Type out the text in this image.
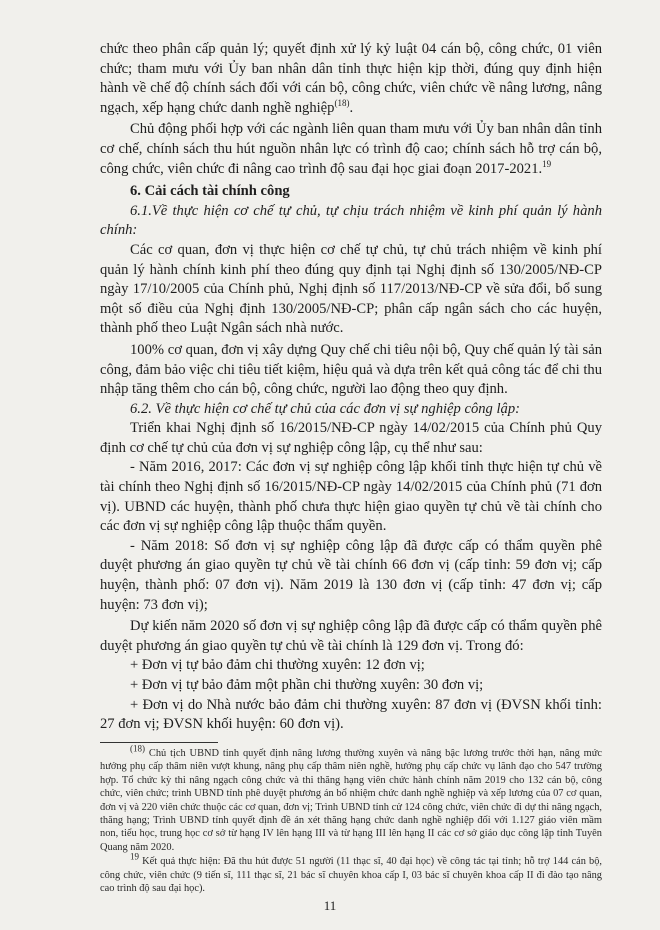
chức theo phân cấp quản lý; quyết định xử lý kỷ luật 04 cán bộ, công chức, 01 viên chức; tham mưu với Ủy ban nhân dân tỉnh thực hiện kịp thời, đúng quy định hiện hành về chế độ chính sách đối với cán bộ, công chức, viên chức về nâng lương, nâng ngạch, xếp hạng chức danh nghề nghiệp$^{(18)}$.

Chủ động phối hợp với các ngành liên quan tham mưu với Ủy ban nhân dân tỉnh cơ chế, chính sách thu hút nguồn nhân lực có trình độ cao; chính sách hỗ trợ cán bộ, công chức, viên chức đi nâng cao trình độ sau đại học giai đoạn 2017-2021.19

6. Cải cách tài chính công

6.1.Về thực hiện cơ chế tự chủ, tự chịu trách nhiệm về kinh phí quản lý hành chính:

Các cơ quan, đơn vị thực hiện cơ chế tự chủ, tự chủ trách nhiệm về kinh phí quản lý hành chính kinh phí theo đúng quy định tại Nghị định số 130/2005/NĐ-CP ngày 17/10/2005 của Chính phủ, Nghị định số 117/2013/NĐ-CP về sửa đổi, bổ sung một số điều của Nghị định 130/2005/NĐ-CP; phân cấp ngân sách cho các huyện, thành phố theo Luật Ngân sách nhà nước.

100% cơ quan, đơn vị xây dựng Quy chế chi tiêu nội bộ, Quy chế quản lý tài sản công, đảm bảo việc chi tiêu tiết kiệm, hiệu quả và dựa trên kết quả công tác để chi thu nhập tăng thêm cho cán bộ, công chức, người lao động theo quy định.

6.2. Về thực hiện cơ chế tự chủ của các đơn vị sự nghiệp công lập:

Triển khai Nghị định số 16/2015/NĐ-CP ngày 14/02/2015 của Chính phủ Quy định cơ chế tự chủ của đơn vị sự nghiệp công lập, cụ thể như sau:

- Năm 2016, 2017: Các đơn vị sự nghiệp công lập khối tỉnh thực hiện tự chủ về tài chính theo Nghị định số 16/2015/NĐ-CP ngày 14/02/2015 của Chính phủ (71 đơn vị). UBND các huyện, thành phố chưa thực hiện giao quyền tự chủ về tài chính cho các đơn vị sự nghiệp công lập thuộc thẩm quyền.

- Năm 2018: Số đơn vị sự nghiệp công lập đã được cấp có thẩm quyền phê duyệt phương án giao quyền tự chủ về tài chính 66 đơn vị (cấp tỉnh: 59 đơn vị; cấp huyện, thành phố: 07 đơn vị). Năm 2019 là 130 đơn vị (cấp tỉnh: 47 đơn vị; cấp huyện: 73 đơn vị);

Dự kiến năm 2020 số đơn vị sự nghiệp công lập đã được cấp có thẩm quyền phê duyệt phương án giao quyền tự chủ về tài chính là 129 đơn vị. Trong đó:

+ Đơn vị tự bảo đảm chi thường xuyên: 12 đơn vị;

+ Đơn vị tự bảo đảm một phần chi thường xuyên: 30 đơn vị;

+ Đơn vị do Nhà nước bảo đảm chi thường xuyên: 87 đơn vị (ĐVSN khối tỉnh: 27 đơn vị; ĐVSN khối huyện: 60 đơn vị).

$^{(18)}$ Chủ tịch UBND tỉnh quyết định nâng lương thường xuyên và nâng bậc lương trước thời hạn, nâng mức hưởng phụ cấp thâm niên vượt khung, nâng phụ cấp thâm niên nghề, hưởng phụ cấp chức vụ lãnh đạo cho 547 trường hợp. Tổ chức kỳ thi nâng ngạch công chức và thi thăng hạng viên chức hành chính năm 2019 cho 132 cán bộ, công chức, viên chức; trình UBND tỉnh phê duyệt phương án bổ nhiệm chức danh nghề nghiệp và xếp lương của 07 cơ quan, đơn vị và 220 viên chức thuộc các cơ quan, đơn vị; Trình UBND tỉnh cử 124 công chức, viên chức đi dự thi nâng ngạch, thăng hạng; Trình UBND tỉnh quyết định đề án xét thăng hạng chức danh nghề nghiệp đối với 1.127 giáo viên mầm non, tiểu học, trung học cơ sở từ hạng IV lên hạng III và từ hạng III lên hạng II các cơ sở giáo dục công lập tỉnh Tuyên Quang năm 2020.

$^{19}$ Kết quả thực hiện: Đã thu hút được 51 người (11 thạc sĩ, 40 đại học) về công tác tại tỉnh; hỗ trợ 144 cán bộ, công chức, viên chức (9 tiến sĩ, 111 thạc sĩ, 21 bác sĩ chuyên khoa cấp I, 03 bác sĩ chuyên khoa cấp II đi đào tạo nâng cao trình độ sau đại học).

11
